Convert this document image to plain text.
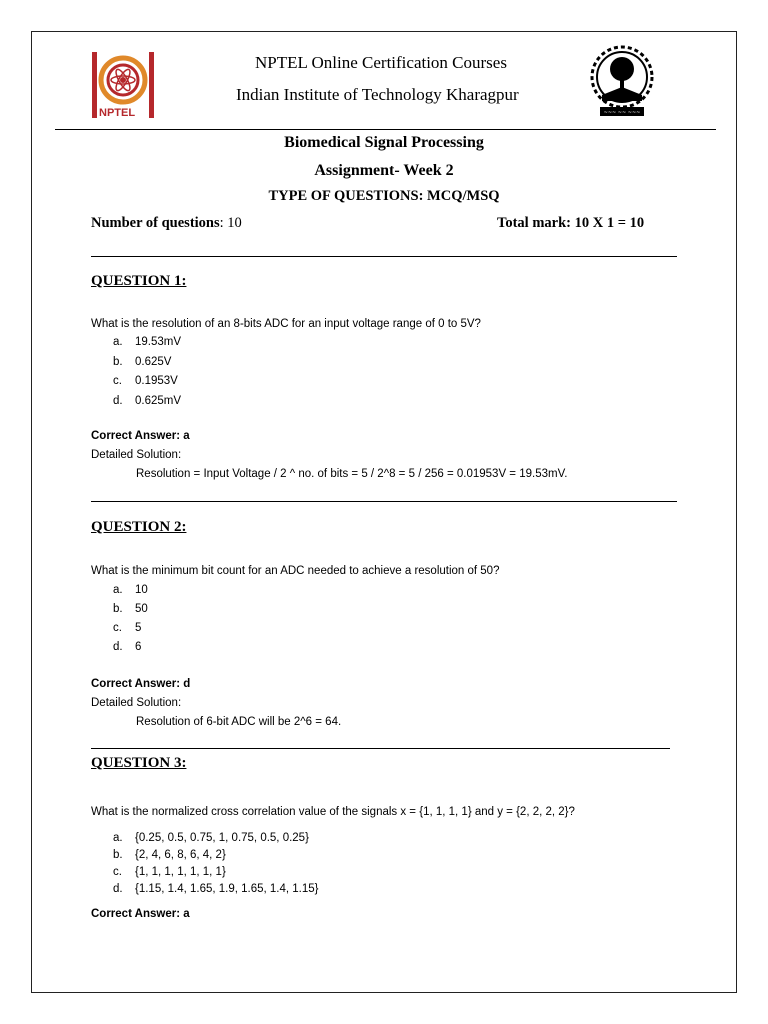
NPTEL	~~~ ~~ ~~~
NPTEL Online Certification Courses
Indian Institute of Technology Kharagpur
Biomedical Signal Processing
Assignment- Week 2
TYPE OF QUESTIONS: MCQ/MSQ
Number of questions: 10	Total mark: 10 X 1 = 10
QUESTION 1:
What is the resolution of an 8-bits ADC for an input voltage range of 0 to 5V?
a.	19.53mV
b.	0.625V
c.	0.1953V
d.	0.625mV
Correct Answer: a
Detailed Solution:
Resolution = Input Voltage / 2 ^ no. of bits = 5 / 2^8 = 5 / 256 = 0.01953V = 19.53mV.
QUESTION 2:
What is the minimum bit count for an ADC needed to achieve a resolution of 50?
a.	10
b.	50
c.	5
d.	6
Correct Answer: d
Detailed Solution:
Resolution of 6-bit ADC will be 2^6 = 64.
QUESTION 3:
What is the normalized cross correlation value of the signals x = {1, 1, 1, 1} and y = {2, 2, 2, 2}?
a.	{0.25, 0.5, 0.75, 1, 0.75, 0.5, 0.25}
b.	{2, 4, 6, 8, 6, 4, 2}
c.	{1, 1, 1, 1, 1, 1, 1}
d.	{1.15, 1.4, 1.65, 1.9, 1.65, 1.4, 1.15}
Correct Answer: a
